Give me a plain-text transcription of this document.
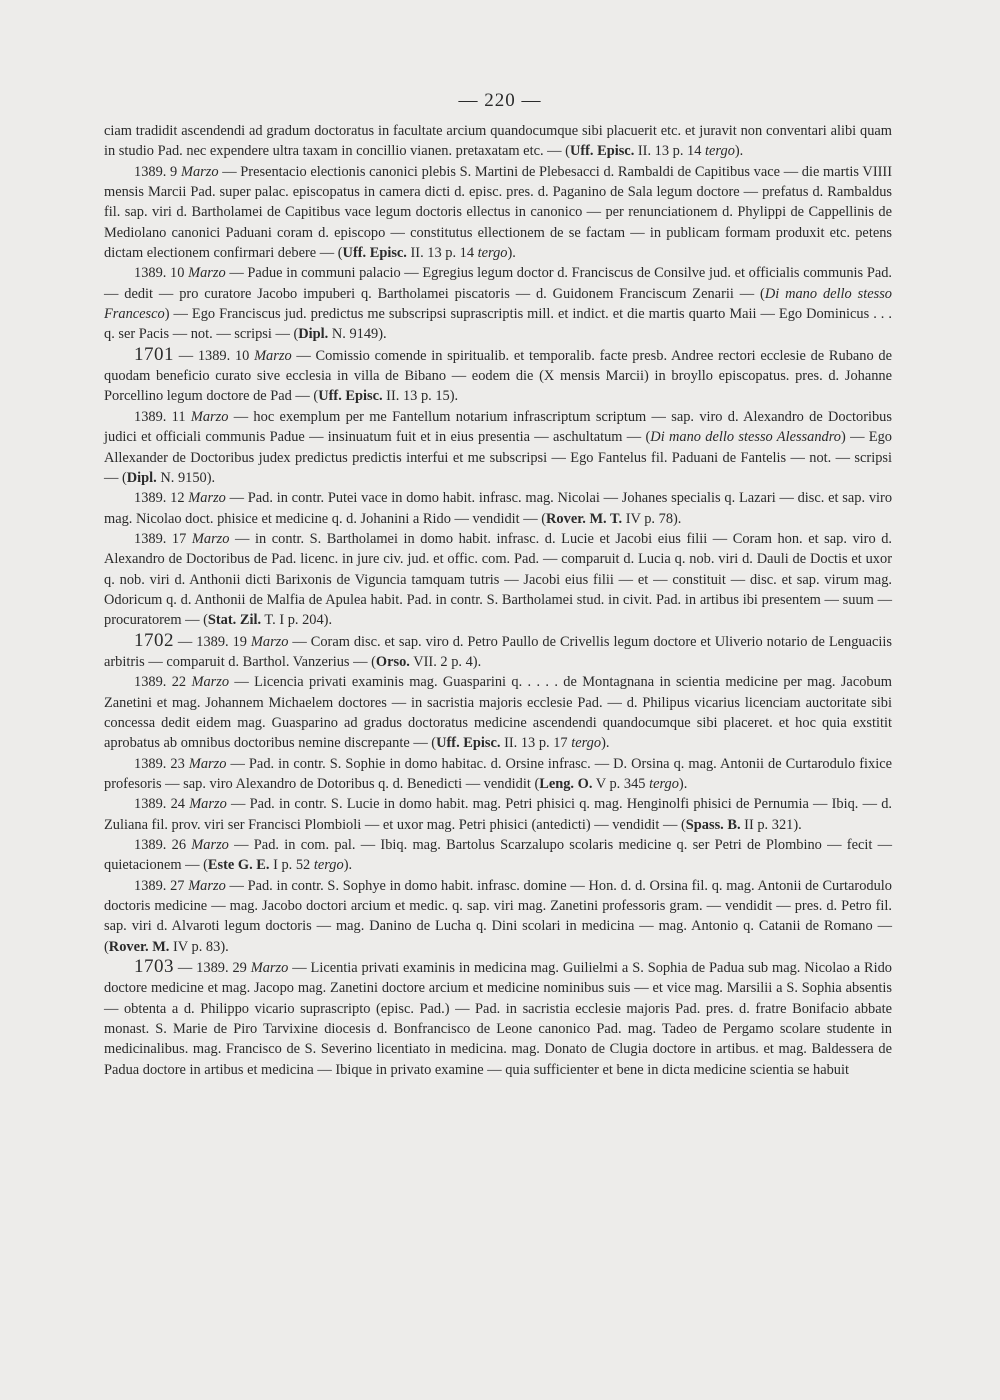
— 220 —

ciam tradidit ascendendi ad gradum doctoratus in facultate arcium quandocumque sibi placuerit etc. et juravit non conventari alibi quam in studio Pad. nec expendere ultra taxam in concillio vianen. pretaxatam etc. — (Uff. Episc. II. 13 p. 14 tergo).

1389. 9 Marzo — Presentacio electionis canonici plebis S. Martini de Plebesacci d. Rambaldi de Capitibus vace — die martis VIIII mensis Marcii Pad. super palac. episcopatus in camera dicti d. episc. pres. d. Paganino de Sala legum doctore — prefatus d. Rambaldus fil. sap. viri d. Bartholamei de Capitibus vace legum doctoris ellectus in canonico — per renunciationem d. Phylippi de Cappellinis de Mediolano canonici Paduani coram d. episcopo — constitutus ellectionem de se factam — in publicam formam produxit etc. petens dictam electionem confirmari debere — (Uff. Episc. II. 13 p. 14 tergo).

1389. 10 Marzo — Padue in communi palacio — Egregius legum doctor d. Franciscus de Consilve jud. et officialis communis Pad. — dedit — pro curatore Jacobo impuberi q. Bartholamei piscatoris — d. Guidonem Franciscum Zenarii — (Di mano dello stesso Francesco) — Ego Franciscus jud. predictus me subscripsi suprascriptis mill. et indict. et die martis quarto Maii — Ego Dominicus . . . q. ser Pacis — not. — scripsi — (Dipl. N. 9149).

1701 — 1389. 10 Marzo — Comissio comende in spiritualib. et temporalib. facte presb. Andree rectori ecclesie de Rubano de quodam beneficio curato sive ecclesia in villa de Bibano — eodem die (X mensis Marcii) in broyllo episcopatus. pres. d. Johanne Porcellino legum doctore de Pad — (Uff. Episc. II. 13 p. 15).

1389. 11 Marzo — hoc exemplum per me Fantellum notarium infrascriptum scriptum — sap. viro d. Alexandro de Doctoribus judici et officiali communis Padue — insinuatum fuit et in eius presentia — aschultatum — (Di mano dello stesso Alessandro) — Ego Allexander de Doctoribus judex predictus predictis interfui et me subscripsi — Ego Fantelus fil. Paduani de Fantelis — not. — scripsi — (Dipl. N. 9150).

1389. 12 Marzo — Pad. in contr. Putei vace in domo habit. infrasc. mag. Nicolai — Johanes specialis q. Lazari — disc. et sap. viro mag. Nicolao doct. phisice et medicine q. d. Johanini a Rido — vendidit — (Rover. M. T. IV p. 78).

1389. 17 Marzo — in contr. S. Bartholamei in domo habit. infrasc. d. Lucie et Jacobi eius filii — Coram hon. et sap. viro d. Alexandro de Doctoribus de Pad. licenc. in jure civ. jud. et offic. com. Pad. — comparuit d. Lucia q. nob. viri d. Dauli de Doctis et uxor q. nob. viri d. Anthonii dicti Barixonis de Viguncia tamquam tutris — Jacobi eius filii — et — constituit — disc. et sap. virum mag. Odoricum q. d. Anthonii de Malfia de Apulea habit. Pad. in contr. S. Bartholamei stud. in civit. Pad. in artibus ibi presentem — suum — procuratorem — (Stat. Zil. T. I p. 204).

1702 — 1389. 19 Marzo — Coram disc. et sap. viro d. Petro Paullo de Crivellis legum doctore et Uliverio notario de Lenguaciis arbitris — comparuit d. Barthol. Vanzerius — (Orso. VII. 2 p. 4).

1389. 22 Marzo — Licencia privati examinis mag. Guasparini q. . . . . de Montagnana in scientia medicine per mag. Jacobum Zanetini et mag. Johannem Michaelem doctores — in sacristia majoris ecclesie Pad. — d. Philipus vicarius licenciam auctoritate sibi concessa dedit eidem mag. Guasparino ad gradus doctoratus medicine ascendendi quandocumque sibi placeret. et hoc quia exstitit aprobatus ab omnibus doctoribus nemine discrepante — (Uff. Episc. II. 13 p. 17 tergo).

1389. 23 Marzo — Pad. in contr. S. Sophie in domo habitac. d. Orsine infrasc. — D. Orsina q. mag. Antonii de Curtarodulo fixice profesoris — sap. viro Alexandro de Dotoribus q. d. Benedicti — vendidit (Leng. O. V p. 345 tergo).

1389. 24 Marzo — Pad. in contr. S. Lucie in domo habit. mag. Petri phisici q. mag. Henginolfi phisici de Pernumia — Ibiq. — d. Zuliana fil. prov. viri ser Francisci Plombioli — et uxor mag. Petri phisici (antedicti) — vendidit — (Spass. B. II p. 321).

1389. 26 Marzo — Pad. in com. pal. — Ibiq. mag. Bartolus Scarzalupo scolaris medicine q. ser Petri de Plombino — fecit — quietacionem — (Este G. E. I p. 52 tergo).

1389. 27 Marzo — Pad. in contr. S. Sophye in domo habit. infrasc. domine — Hon. d. d. Orsina fil. q. mag. Antonii de Curtarodulo doctoris medicine — mag. Jacobo doctori arcium et medic. q. sap. viri mag. Zanetini professoris gram. — vendidit — pres. d. Petro fil. sap. viri d. Alvaroti legum doctoris — mag. Danino de Lucha q. Dini scolari in medicina — mag. Antonio q. Catanii de Romano — (Rover. M. IV p. 83).

1703 — 1389. 29 Marzo — Licentia privati examinis in medicina mag. Guilielmi a S. Sophia de Padua sub mag. Nicolao a Rido doctore medicine et mag. Jacopo mag. Zanetini doctore arcium et medicine nominibus suis — et vice mag. Marsilii a S. Sophia absentis — obtenta a d. Philippo vicario suprascripto (episc. Pad.) — Pad. in sacristia ecclesie majoris Pad. pres. d. fratre Bonifacio abbate monast. S. Marie de Piro Tarvixine diocesis d. Bonfrancisco de Leone canonico Pad. mag. Tadeo de Pergamo scolare studente in medicinalibus. mag. Francisco de S. Severino licentiato in medicina. mag. Donato de Clugia doctore in artibus. et mag. Baldessera de Padua doctore in artibus et medicina — Ibique in privato examine — quia sufficienter et bene in dicta medicine scientia se habuit
